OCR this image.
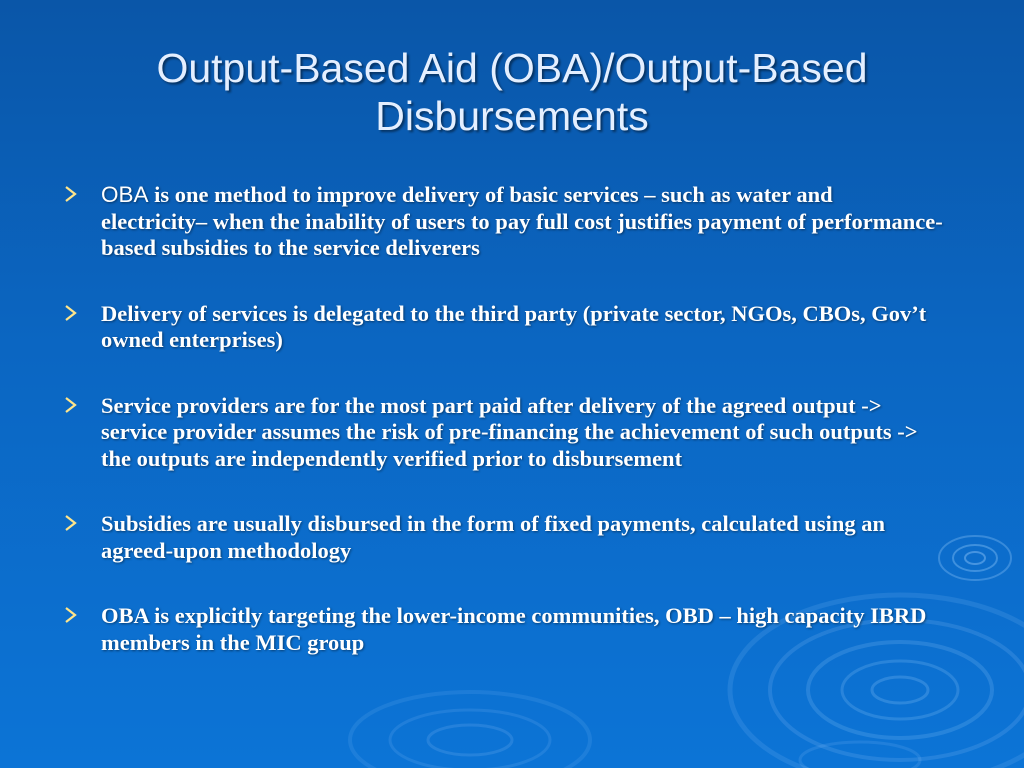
Output-Based Aid (OBA)/Output-Based Disbursements
OBA is one method to improve delivery of basic services – such as water and electricity– when the inability of users to pay full cost justifies payment of performance-based subsidies to the service deliverers
Delivery of services is delegated to the third party (private sector, NGOs, CBOs, Gov’t owned enterprises)
Service providers are for the most part paid after delivery of the agreed output -> service provider assumes the risk of pre-financing the achievement of such outputs -> the outputs are independently verified prior to disbursement
Subsidies are usually disbursed in the form of fixed payments, calculated using an agreed-upon methodology
OBA is explicitly targeting the lower-income communities, OBD – high capacity IBRD members in the MIC group
